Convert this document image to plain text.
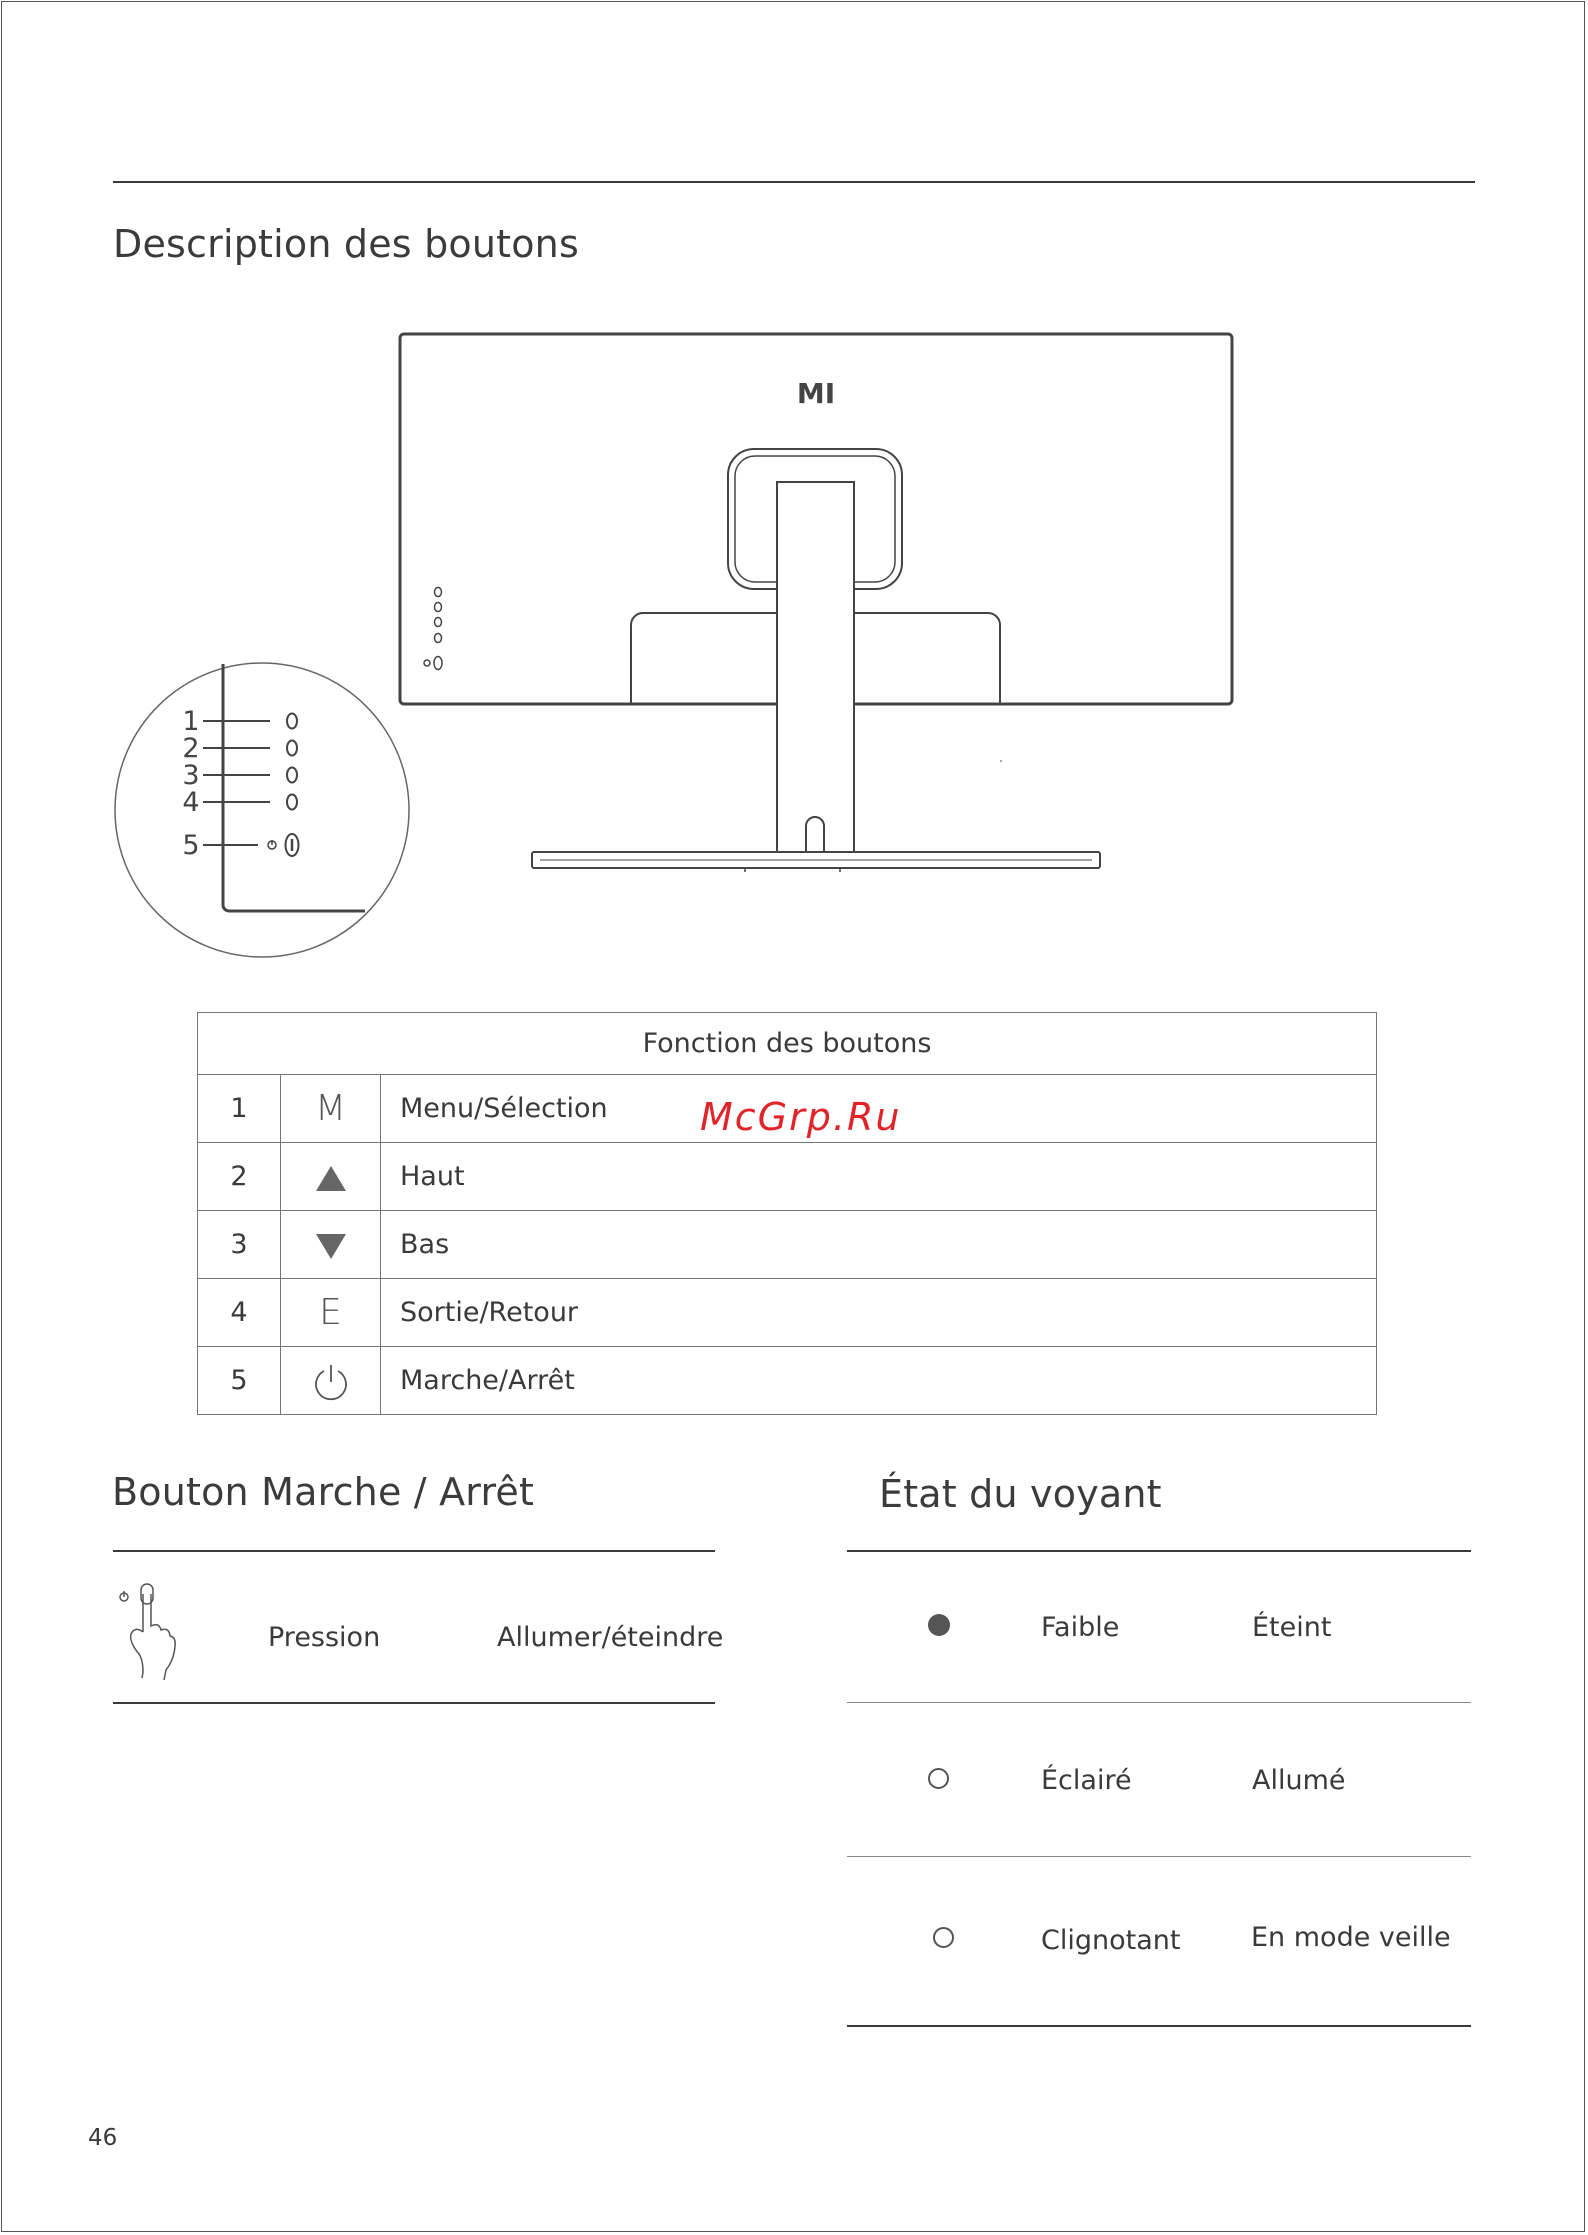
Description des boutons
MI
1
2
3
4
5
Fonction des boutons		
1	M	Menu/Sélection
2		Haut
3		Bas
4	E	Sortie/Retour
5		Marche/Arrêt
McGrp.Ru
Bouton Marche / Arrêt
Pression	Allumer/éteindre
État du voyant
Faible	Éteint
Éclairé	Allumé
Clignotant	En mode veille
46
